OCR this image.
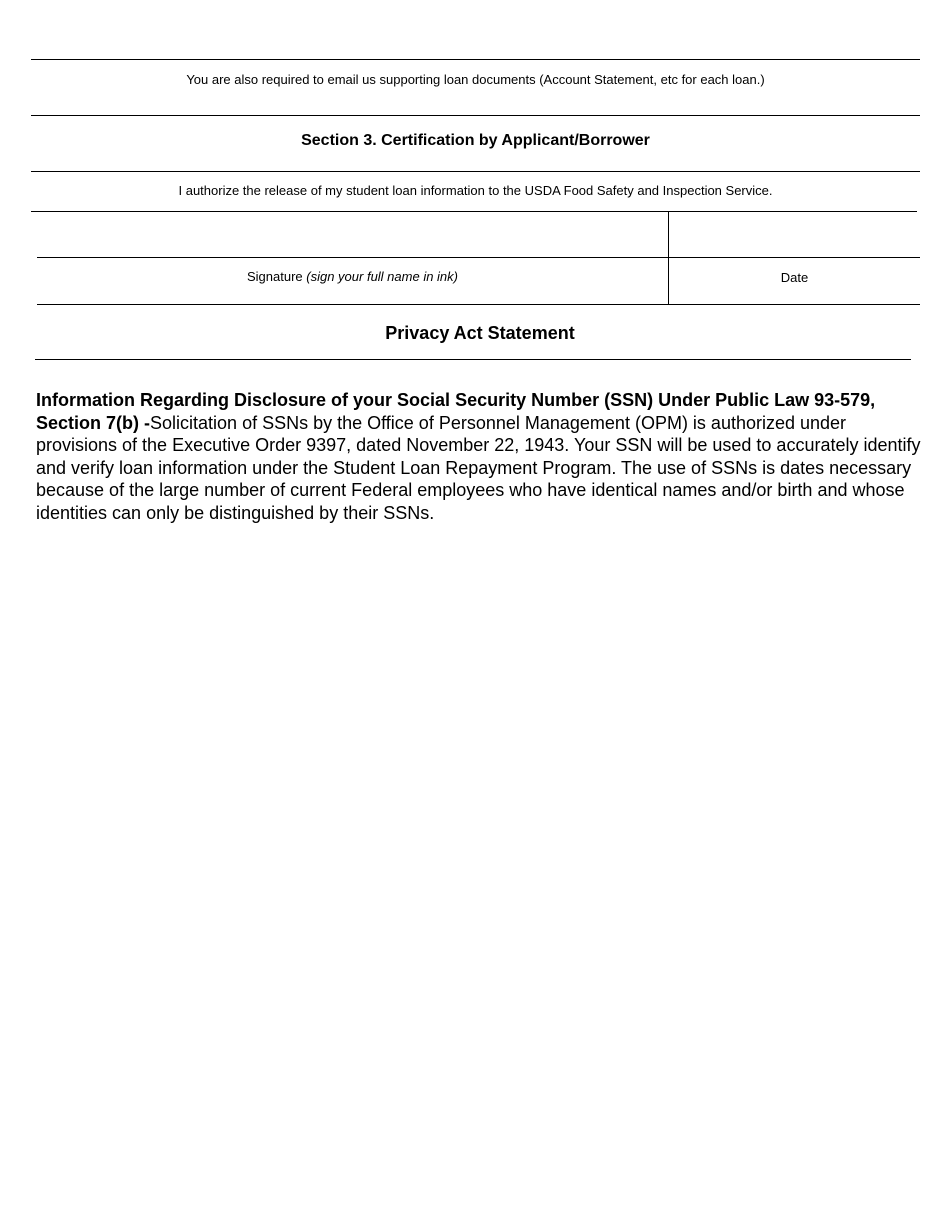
You are also required to email us supporting loan documents (Account Statement, etc for each loan.)
Section 3. Certification by Applicant/Borrower
I authorize the release of my student loan information to the USDA Food Safety and Inspection Service.
Signature (sign your full name in ink)	Date
Privacy Act Statement

Information Regarding Disclosure of your Social Security Number (SSN) Under Public Law 93-579, Section 7(b) -Solicitation of SSNs by the Office of Personnel Management (OPM) is authorized under provisions of the Executive Order 9397, dated November 22, 1943. Your SSN will be used to accurately identify and verify loan information under the Student Loan Repayment Program. The use of SSNs is dates necessary because of the large number of current Federal employees who have identical names and/or birth and whose identities can only be distinguished by their SSNs.
